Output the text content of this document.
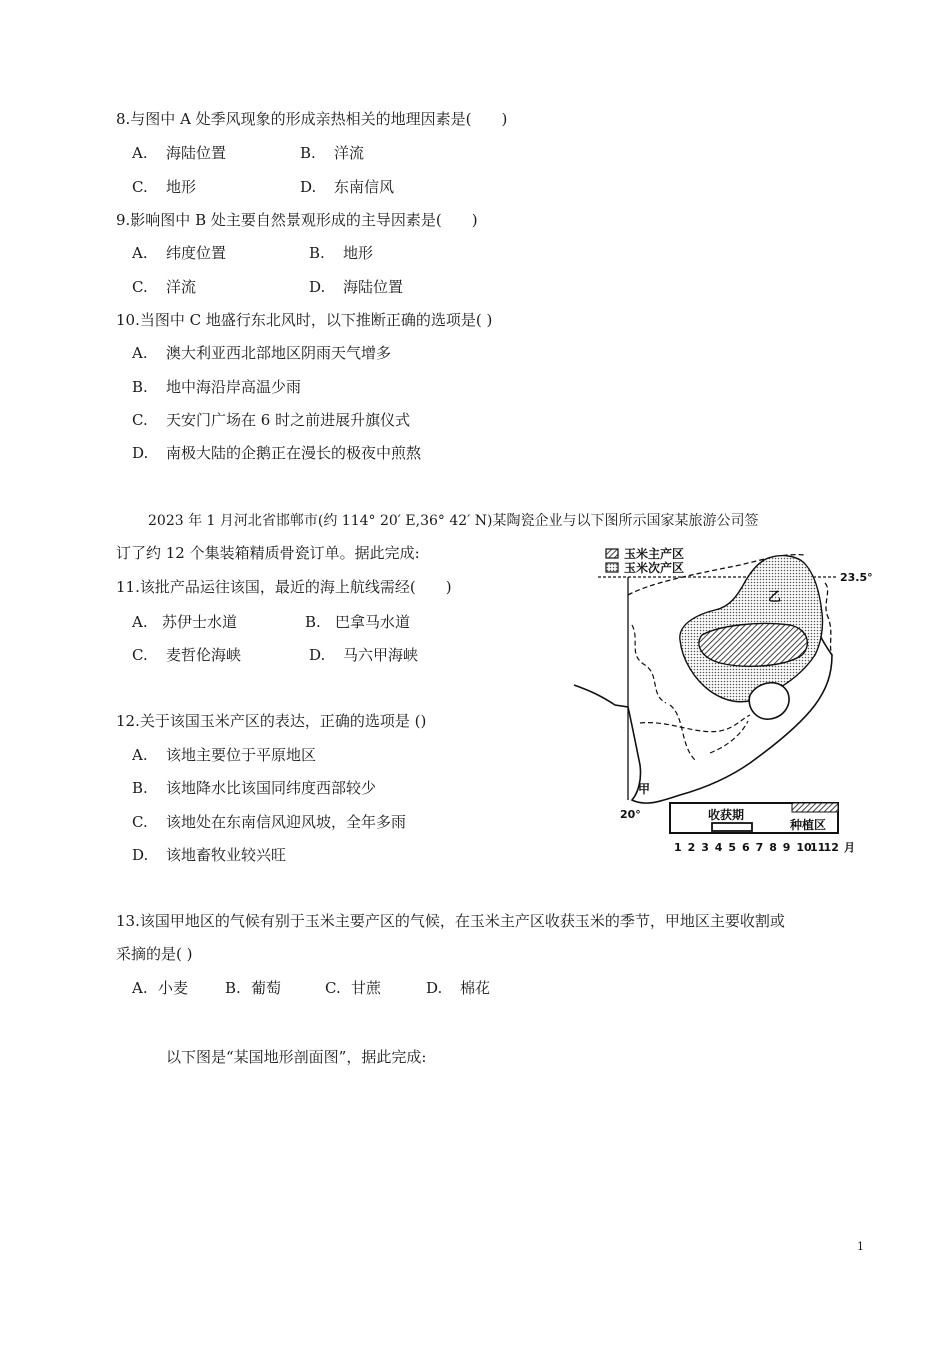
8.与图中 A 处季风现象的形成亲热相关的地理因素是(　　)
A. 海陆位置	B. 洋流
C. 地形	D. 东南信风
9.影响图中 B 处主要自然景观形成的主导因素是(　　)
A. 纬度位置	B. 地形
C. 洋流	D. 海陆位置
10.当图中 C 地盛行东北风时，以下推断正确的选项是( )
A. 澳大利亚西北部地区阴雨天气增多
B. 地中海沿岸高温少雨
C. 天安门广场在 6 时之前进展升旗仪式
D. 南极大陆的企鹅正在漫长的极夜中煎熬
2023 年 1 月河北省邯郸市(约 114° 20′ E,36° 42′ N)某陶瓷企业与以下图所示国家某旅游公司签
订了约 12 个集装箱精质骨瓷订单。据此完成:
11.该批产品运往该国，最近的海上航线需经(　　)
A. 苏伊士水道	B. 巴拿马水道
C. 麦哲伦海峡	D. 马六甲海峡
12.关于该国玉米产区的表达，正确的选项是 ()
A. 该地主要位于平原地区
B. 该地降水比该国同纬度西部较少
C. 该地处在东南信风迎风坡，全年多雨
D. 该地畜牧业较兴旺
13.该国甲地区的气候有别于玉米主要产区的气候，在玉米主产区收获玉米的季节，甲地区主要收割或
采摘的是( )
A. 小麦 B. 葡萄	C. 甘蔗	D. 棉花
以下图是“某国地形剖面图”，据此完成:
玉米主产区
玉米次产区
23.5°
20°
乙
甲
收获期
种植区
1 2 3 4 5 6 7 8 9 10
11
12 月
1
